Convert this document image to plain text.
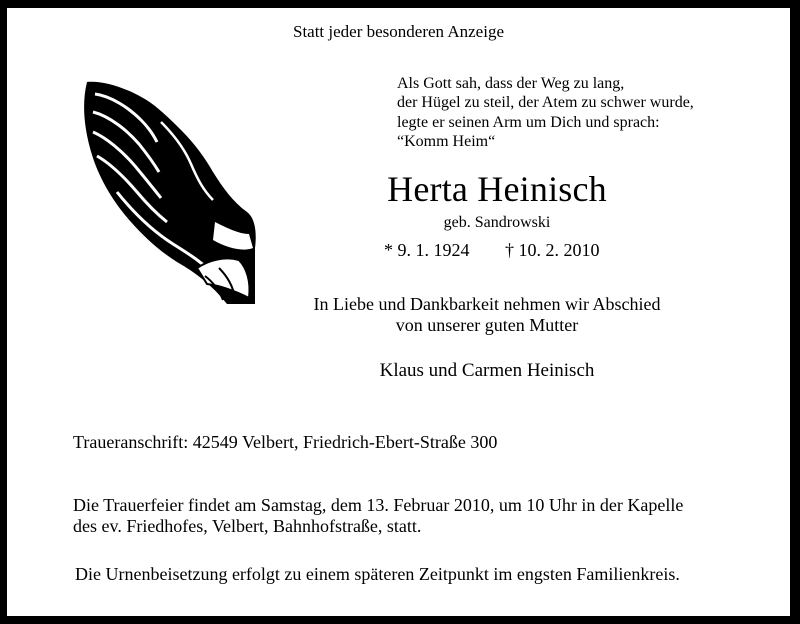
Statt jeder besonderen Anzeige
Als Gott sah, dass der Weg zu lang,
der Hügel zu steil, der Atem zu schwer wurde,
legte er seinen Arm um Dich und sprach:
“Komm Heim“
Herta Heinisch
geb. Sandrowski
* 9. 1. 1924 † 10. 2. 2010
In Liebe und Dankbarkeit nehmen wir Abschied
von unserer guten Mutter
Klaus und Carmen Heinisch
Traueranschrift: 42549 Velbert, Friedrich-Ebert-Straße 300
Die Trauerfeier findet am Samstag, dem 13. Februar 2010, um 10 Uhr in der Kapelle
des ev. Friedhofes, Velbert, Bahnhofstraße, statt.
Die Urnenbeisetzung erfolgt zu einem späteren Zeitpunkt im engsten Familienkreis.
